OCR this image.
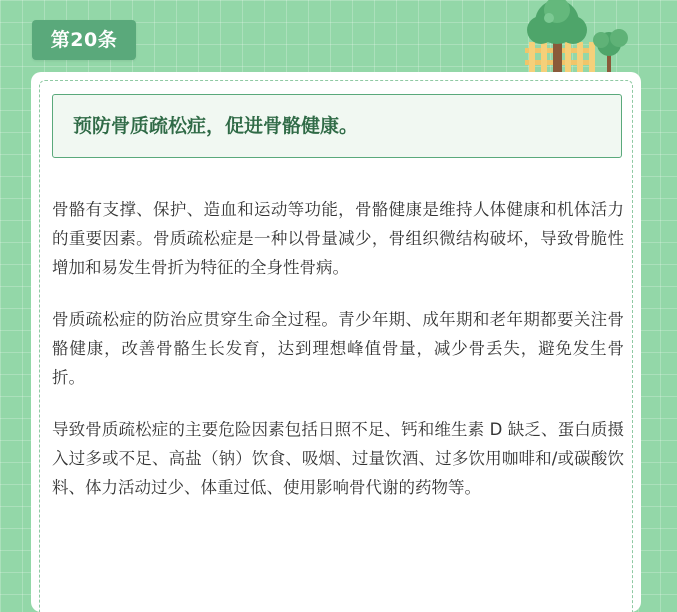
第20条
预防骨质疏松症，促进骨骼健康。

骨骼有支撑、保护、造血和运动等功能，骨骼健康是维持人体健康和机体活力的重要因素。骨质疏松症是一种以骨量减少，骨组织微结构破坏，导致骨脆性增加和易发生骨折为特征的全身性骨病。

骨质疏松症的防治应贯穿生命全过程。青少年期、成年期和老年期都要关注骨骼健康，改善骨骼生长发育，达到理想峰值骨量，减少骨丢失，避免发生骨折。

导致骨质疏松症的主要危险因素包括日照不足、钙和维生素 D 缺乏、蛋白质摄入过多或不足、高盐（钠）饮食、吸烟、过量饮酒、过多饮用咖啡和/或碳酸饮料、体力活动过少、体重过低、使用影响骨代谢的药物等。
